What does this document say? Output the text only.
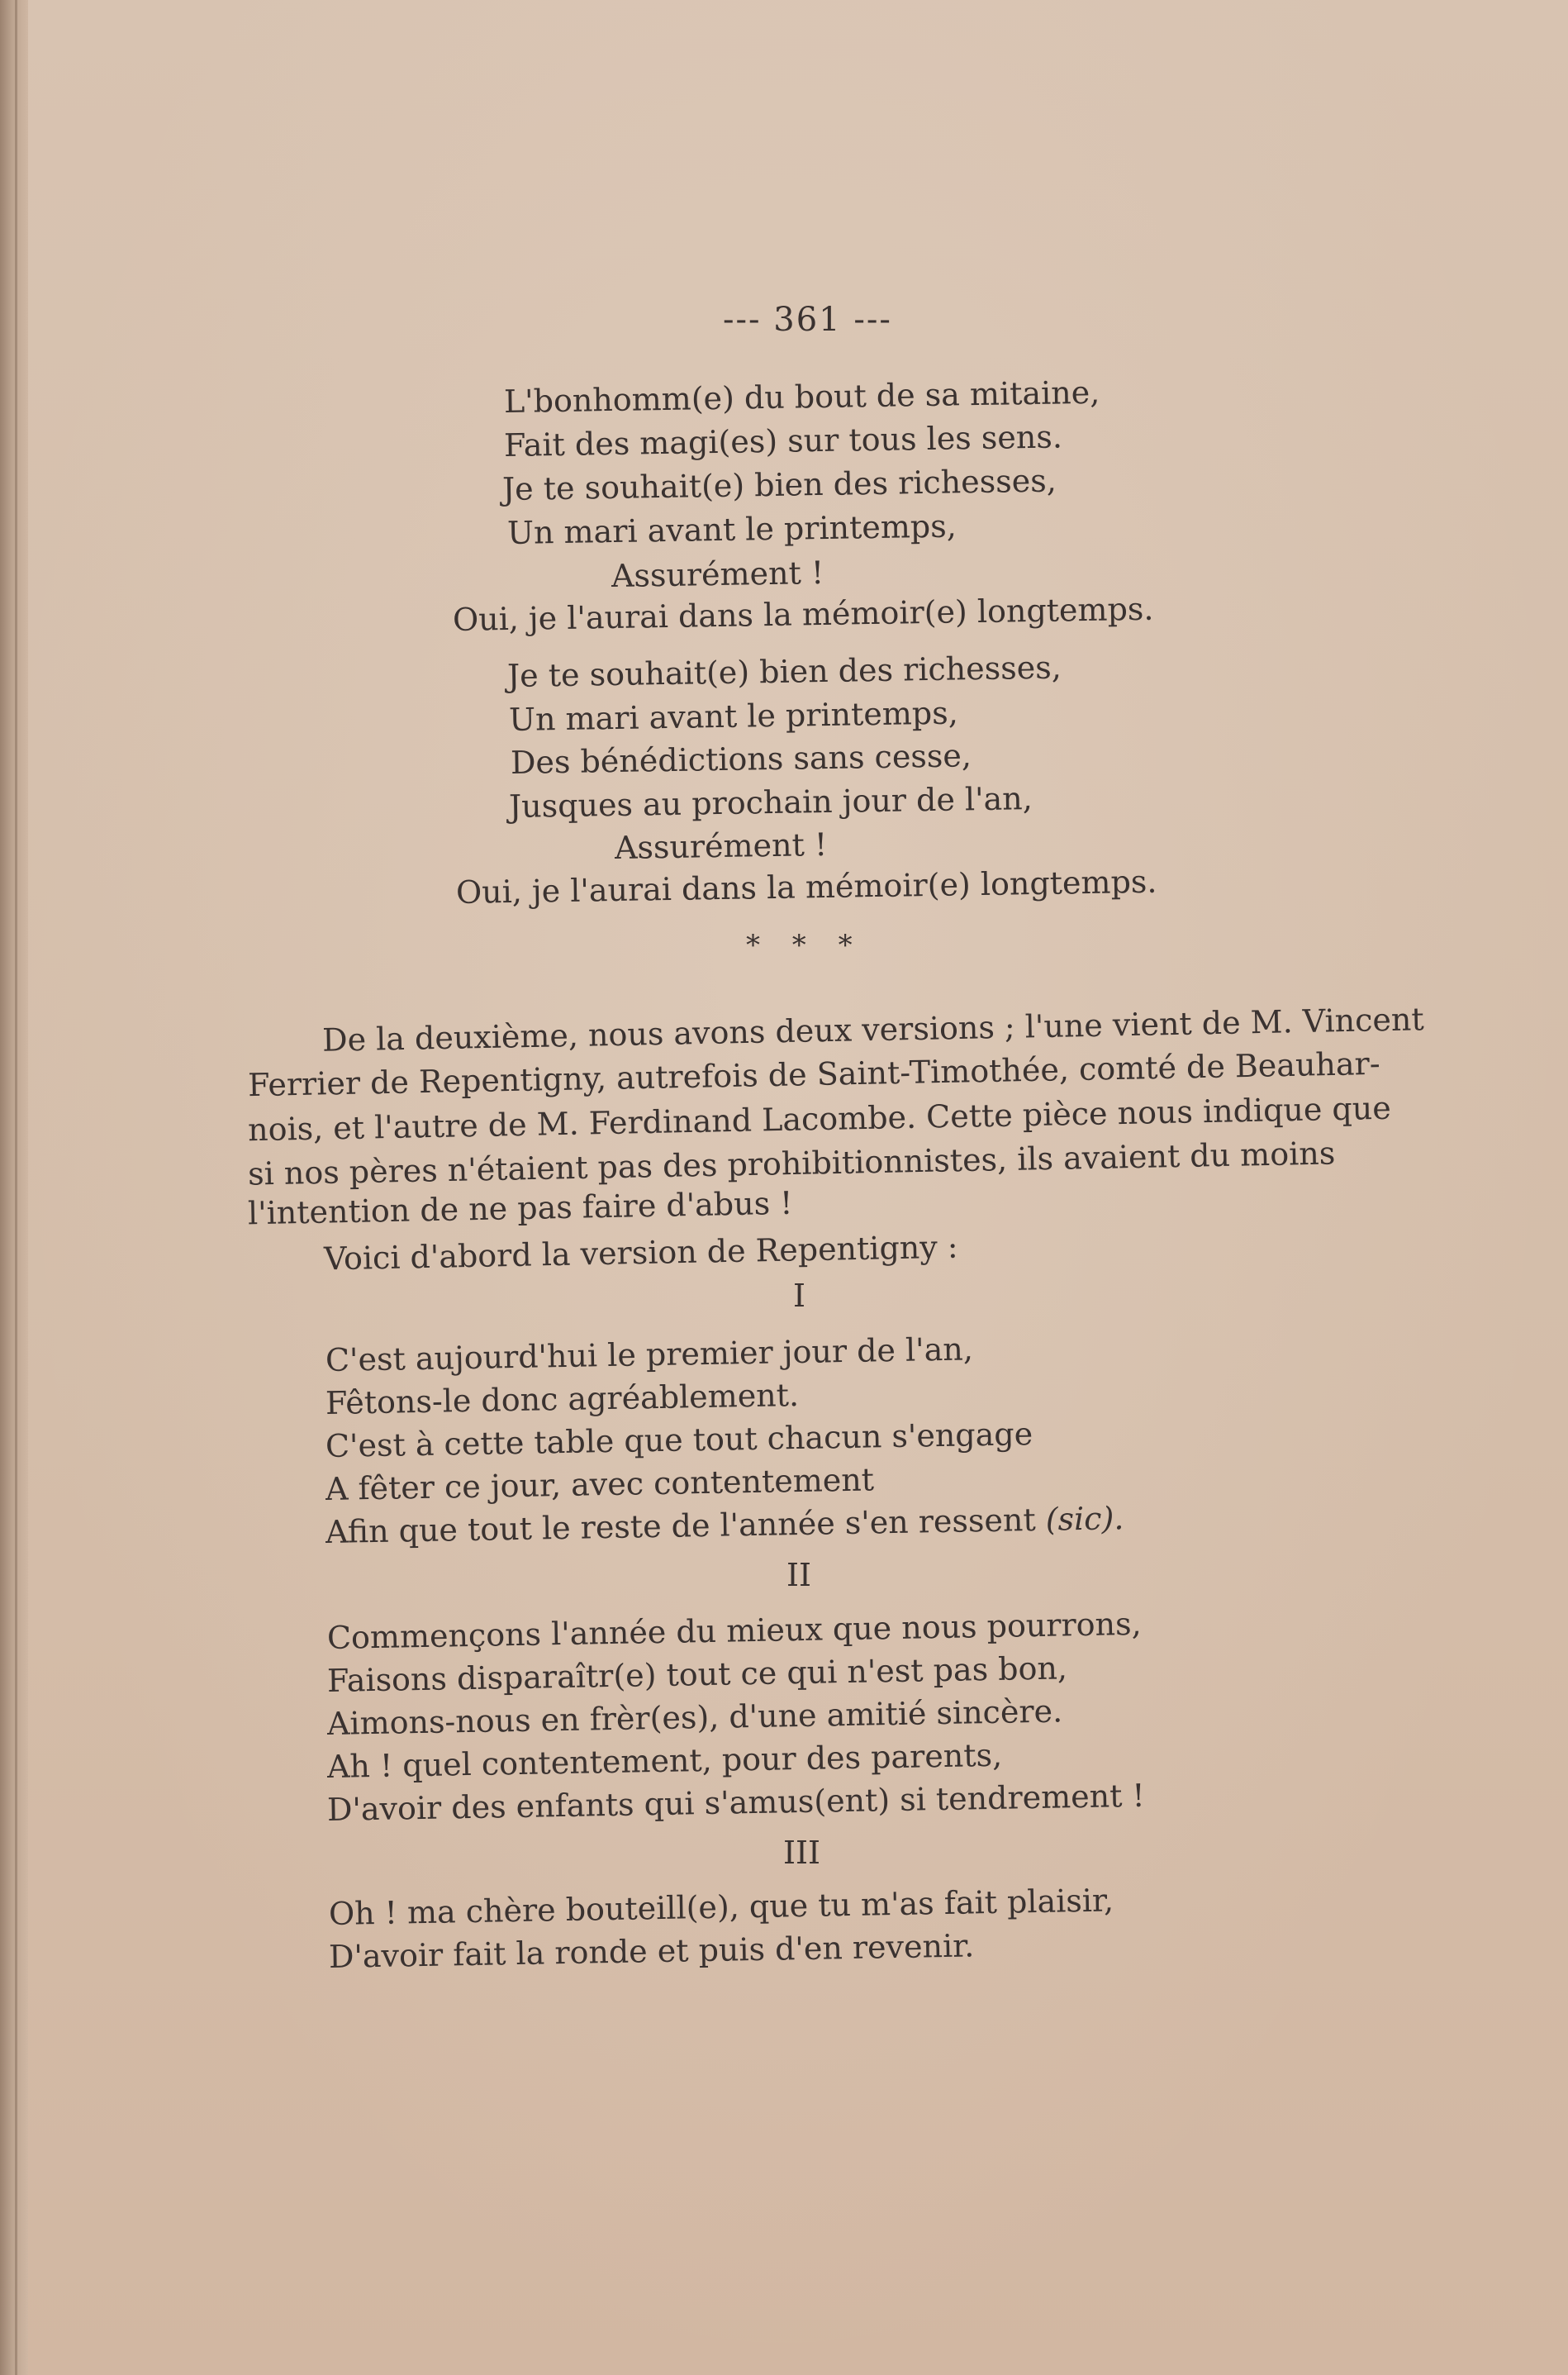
--- 361 ---
L'bonhomm(e) du bout de sa mitaine,
Fait des magi(es) sur tous les sens.
Je te souhait(e) bien des richesses,
Un mari avant le printemps,
Assurément !
Oui, je l'aurai dans la mémoir(e) longtemps.
Je te souhait(e) bien des richesses,
Un mari avant le printemps,
Des bénédictions sans cesse,
Jusques au prochain jour de l'an,
Assurément !
Oui, je l'aurai dans la mémoir(e) longtemps.
* * *
De la deuxième, nous avons deux versions ; l'une vient de M. Vincent
Ferrier de Repentigny, autrefois de Saint-Timothée, comté de Beauhar-
nois, et l'autre de M. Ferdinand Lacombe. Cette pièce nous indique que
si nos pères n'étaient pas des prohibitionnistes, ils avaient du moins
l'intention de ne pas faire d'abus !
Voici d'abord la version de Repentigny :
I
C'est aujourd'hui le premier jour de l'an,
Fêtons-le donc agréablement.
C'est à cette table que tout chacun s'engage
A fêter ce jour, avec contentement
Afin que tout le reste de l'année s'en ressent (sic).
II
Commençons l'année du mieux que nous pourrons,
Faisons disparaîtr(e) tout ce qui n'est pas bon,
Aimons-nous en frèr(es), d'une amitié sincère.
Ah ! quel contentement, pour des parents,
D'avoir des enfants qui s'amus(ent) si tendrement !
III
Oh ! ma chère bouteill(e), que tu m'as fait plaisir,
D'avoir fait la ronde et puis d'en revenir.
